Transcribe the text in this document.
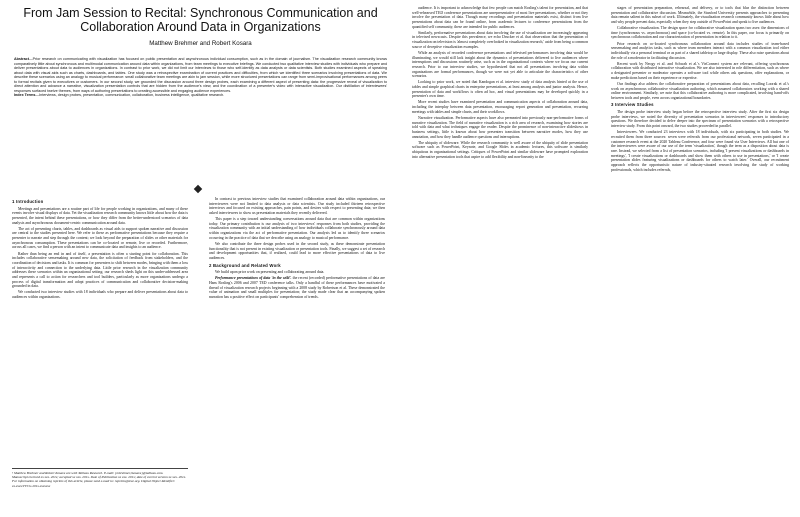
From Jam Session to Recital: Synchronous Communication and Collaboration Around Data in Organizations
Matthew Brehmer and Robert Kosara
Abstract—Prior research on communicating with visualization has focused on public presentation and asynchronous individual consumption, such as in the domain of journalism. The visualization research community knows comparatively little about synchronous and multimodal communication around data within organizations, from team meetings to executive briefings. We conducted two qualitative interview studies with individuals who prepare and deliver presentations about data to audiences in organizations. In contrast to prior work, we did not limit our interviews to those who self-identify as data analysts or data scientists. Both studies examined aspects of speaking about data with visual aids such as charts, dashboards, and tables. One study was a retrospective examination of current practices and difficulties, from which we identified three scenarios involving presentations of data. We describe these scenarios using an analogy to musical performance: small collaborative team meetings are akin to jam session, while more structured presentations can range from semi-improvisational performances among peers to formal recitals given to executives or customers. In our second study, we grounded the discussion around three design probes, each examining a different aspect of presenting data: the progressive reveal of visualization to direct attention and advance a narrative, visualization presentation controls that are hidden from the audience's view, and the coordination of a presenter's video with interactive visualization. Our distillation of interviewees' responses surfaced twelve themes, from ways of authoring presentations to creating accessible and engaging audience experiences.
Index Terms—Interviews, design probes, presentation, communication, collaboration, business intelligence, qualitative research.
1 Introduction

Meetings and presentations are a routine part of life for people working in organizations, and many of these events involve visual displays of data. Yet the visualization research community knows little about how the data is presented, the intent behind these presentations, or how they differ from the better-understood scenarios of data analysis and asynchronous document-centric communication around data.

The act of presenting charts, tables, and dashboards as visual aids to support spoken narrative and discussion are central to the studies presented here. We refer to these as performative presentations because they require a presenter to narrate and step through the content; we look beyond the preparation of slides or other materials for asynchronous consumption. These presentations can be co-located or remote, live or recorded. Furthermore, across all cases, we find a person with an intent to communicate data and insights to an audience.

Rather than being an end in and of itself, a presentation is often a starting point for collaboration. This includes collaborative sensemaking around new data, the solicitation of feedback from stakeholders, and the coordination of decisions and tasks. It is common for presenters to shift between modes, bringing with them a loss of interactivity and connection to the underlying data. Little prior research in the visualization community addresses these scenarios within an organizational setting; our research sheds light on this under-addressed area and represents a call to action for researchers and tool builders, particularly as more organizations undergo a process of digital transformation and adopt practices of communication and collaborative decision-making grounded in data.

We conducted two interview studies with 18 individuals who prepare and deliver presentations about data to audiences within organizations.

• Matthew Brehmer and Robert Kosara are with Tableau Research. E-mail: {mbrehmer,rkosara}@tableau.com.
Manuscript received xx xxx. 201x; accepted xx xxx. 201x. Date of Publication xx xxx. 201x; date of current version xx xxx. 201x. For information on obtaining reprints of this article, please send e-mail to: reprints@ieee.org. Digital Object Identifier: xx.xxxx/TVCG.201x.xxxxxxx

In contrast to previous interview studies that examined collaboration around data within organizations, our interviewees were not limited to data analysts or data scientists. Our study included thirteen retrospective interviews and focused on existing approaches, pain points, and desires with respect to presenting data; we then asked interviewees to show us presentation materials they recently delivered.

This paper is a step toward understanding conversations around data that are common within organizations today. Our primary contribution is our analysis of two interviews' responses from both studies, providing the visualization community with an initial understanding of how individuals collaborate synchronously around data within organizations via the act of performative presentation. Our analysis led us to identify three scenarios occurring in the practice of data that we describe using an analogy to musical performance.

We also contribute the three design probes used in the second study, as these demonstrate presentation functionality that is not present in existing visualization or presentation tools. Finally, we suggest a set of research and development opportunities that, if realized, could lead to more effective presentations of data to live audiences.

2 Background and Related Work

We build upon prior work on presenting and collaborating around data.

Performance presentations of data 'in the wild'. the recent (recorded) performative presentations of data are Hans Rosling's 2006 and 2007 TED conference talks. Only a handful of these performances have motivated a thread of visualization research projects beginning with a 2008 study by Robertson et al. These demonstrated the value of animation and small multiples for presentation; the study made clear that an accompanying spoken narration has a positive effect on participants' comprehension of trends.

audience. It is important to acknowledge that few people can match Rosling's talent for presentation, and that well-rehearsed TED conference presentations are unrepresentative of most live presentations, whether or not they involve the presentation of data. Though many recordings and presentation materials exist, distinct from live presentations about data can be found online, from academic lectures to conference presentations from the quantified self community, these are intended for public audiences.

Similarly, performative presentations about data involving the use of visualization are increasingly appearing in televised newscasts. Despite this prevalence, we echo Drucker et al. that observation that the presentation of visualization on television is 'almost completely overlooked in visualization research,' aside from being a common source of deceptive visualization examples.

While an analysis of recorded conference presentations and televised performances involving data would be illuminating, we would still lack insight about the dynamics of presentations delivered to live audiences where interruptions and discussions routinely arise, such as in the organizational contexts where we focus our current research. Prior to our interview studies, we hypothesized that not all presentations involving data within organizations are formal performances, though we were not yet able to articulate the characteristics of other scenarios.

Looking to prior work, we noted that Kandogan et al. interview study of data analysts hinted at the use of tables and simple graphical charts in enterprise presentations, at least among analysts and junior analysts. Hence, presentation of data and workflows is often ad hoc, and visual presentations may be developed quickly in a presenter's own time.

More recent studies have examined presentation and communication aspects of collaboration around data, including the interplay between data presentation, encouraging report generation and presentation, recurring meetings with tables and simple charts, and their workflows.

Narrative visualization. Performative aspects have also permeated into previously non-performative forms of narrative visualization. The field of narrative visualization is a rich area of research, examining how stories are told with data and what techniques engage the reader. Despite the prominence of non-interactive slideshows in business settings, little is known about how presenters transition between narrative modes, how they use annotation, and how they handle audience questions and interruptions.

The ubiquity of slideware. While the research community is well aware of the ubiquity of slide presentation software such as PowerPoint, Keynote, and Google Slides in academic lectures, this software is similarly ubiquitous in organizational settings. Critiques of PowerPoint and similar slideware have prompted exploration into alternative presentation tools that aspire to add flexibility and non-linearity to the

stages of presentation preparation, rehearsal, and delivery, or to tools that blur the distinction between presentation and collaborative discussion. Meanwhile, the Stanford University presents approaches to presenting data remain salient in this subset of work. Ultimately, the visualization research community knows little about how and why people present data, especially when they step outside of PowerPoint and speak to live audiences.

Collaborative visualization. The design space for collaborative visualization spans two axes: the dimensions of time (synchronous vs. asynchronous) and space (co-located vs. remote). In this paper, our focus is primarily on synchronous collaboration and our characterization of presentation in relation to it.

Prior research on co-located synchronous collaboration around data includes studies of team-based sensemaking and analytics tasks, such as where team members interact with a common visualization tool either individually via a personal terminal or as part of a shared tabletop or large display. These also raise questions about the role of a moderator in facilitating discussion.

Recent work by Neogy et al. and Schwab et al.'s VisConnect system are relevant, offering synchronous collaboration with distributed interactive visualization. We are also interested in role differentiation, such as where a designated presenter or moderator operates a software tool while others ask questions, offer explanations, or make predictions based on their experience or expertise.

Our findings also address the collaborative preparation of presentations about data, recalling Loorak et al.'s work on asynchronous collaborative visualization authoring, which assumed collaborators working with a shared online environment. Similarly, we note that this collaborative authoring is more complicated, involving hand-offs between tools and people, even across organizational boundaries.

3 Interview Studies

The design probe interview study began before the retrospective interview study. After the first six design probe interviews, we noted the diversity of presentation scenarios in interviewees' responses to introductory questions. We therefore decided to delve deeper into the spectrum of presentation scenarios with a retrospective interview study. From this point onward, the two studies proceeded in parallel.

Interviewees. We conducted 23 interviews with 18 individuals, with six participating in both studies. We recruited them from three sources: seven were referrals from our professional network, seven participated in a customer research event at the 2020 Tableau Conference, and four were found via User Interviews. All but one of the interviewees were aware of our use of the term 'visualization', though the term as a disposition about data is rare. Instead, we selected from a list of presentation scenarios, including 'I present visualizations or dashboards in meetings', 'I create visualizations or dashboards and show them with others to use in presentations,' or 'I create presentation slides featuring visualizations or dashboards for others to watch later.' Overall, our recruitment approach reflects the opportunistic nature of industry-situated research involving the study of working professionals, which includes referrals,
